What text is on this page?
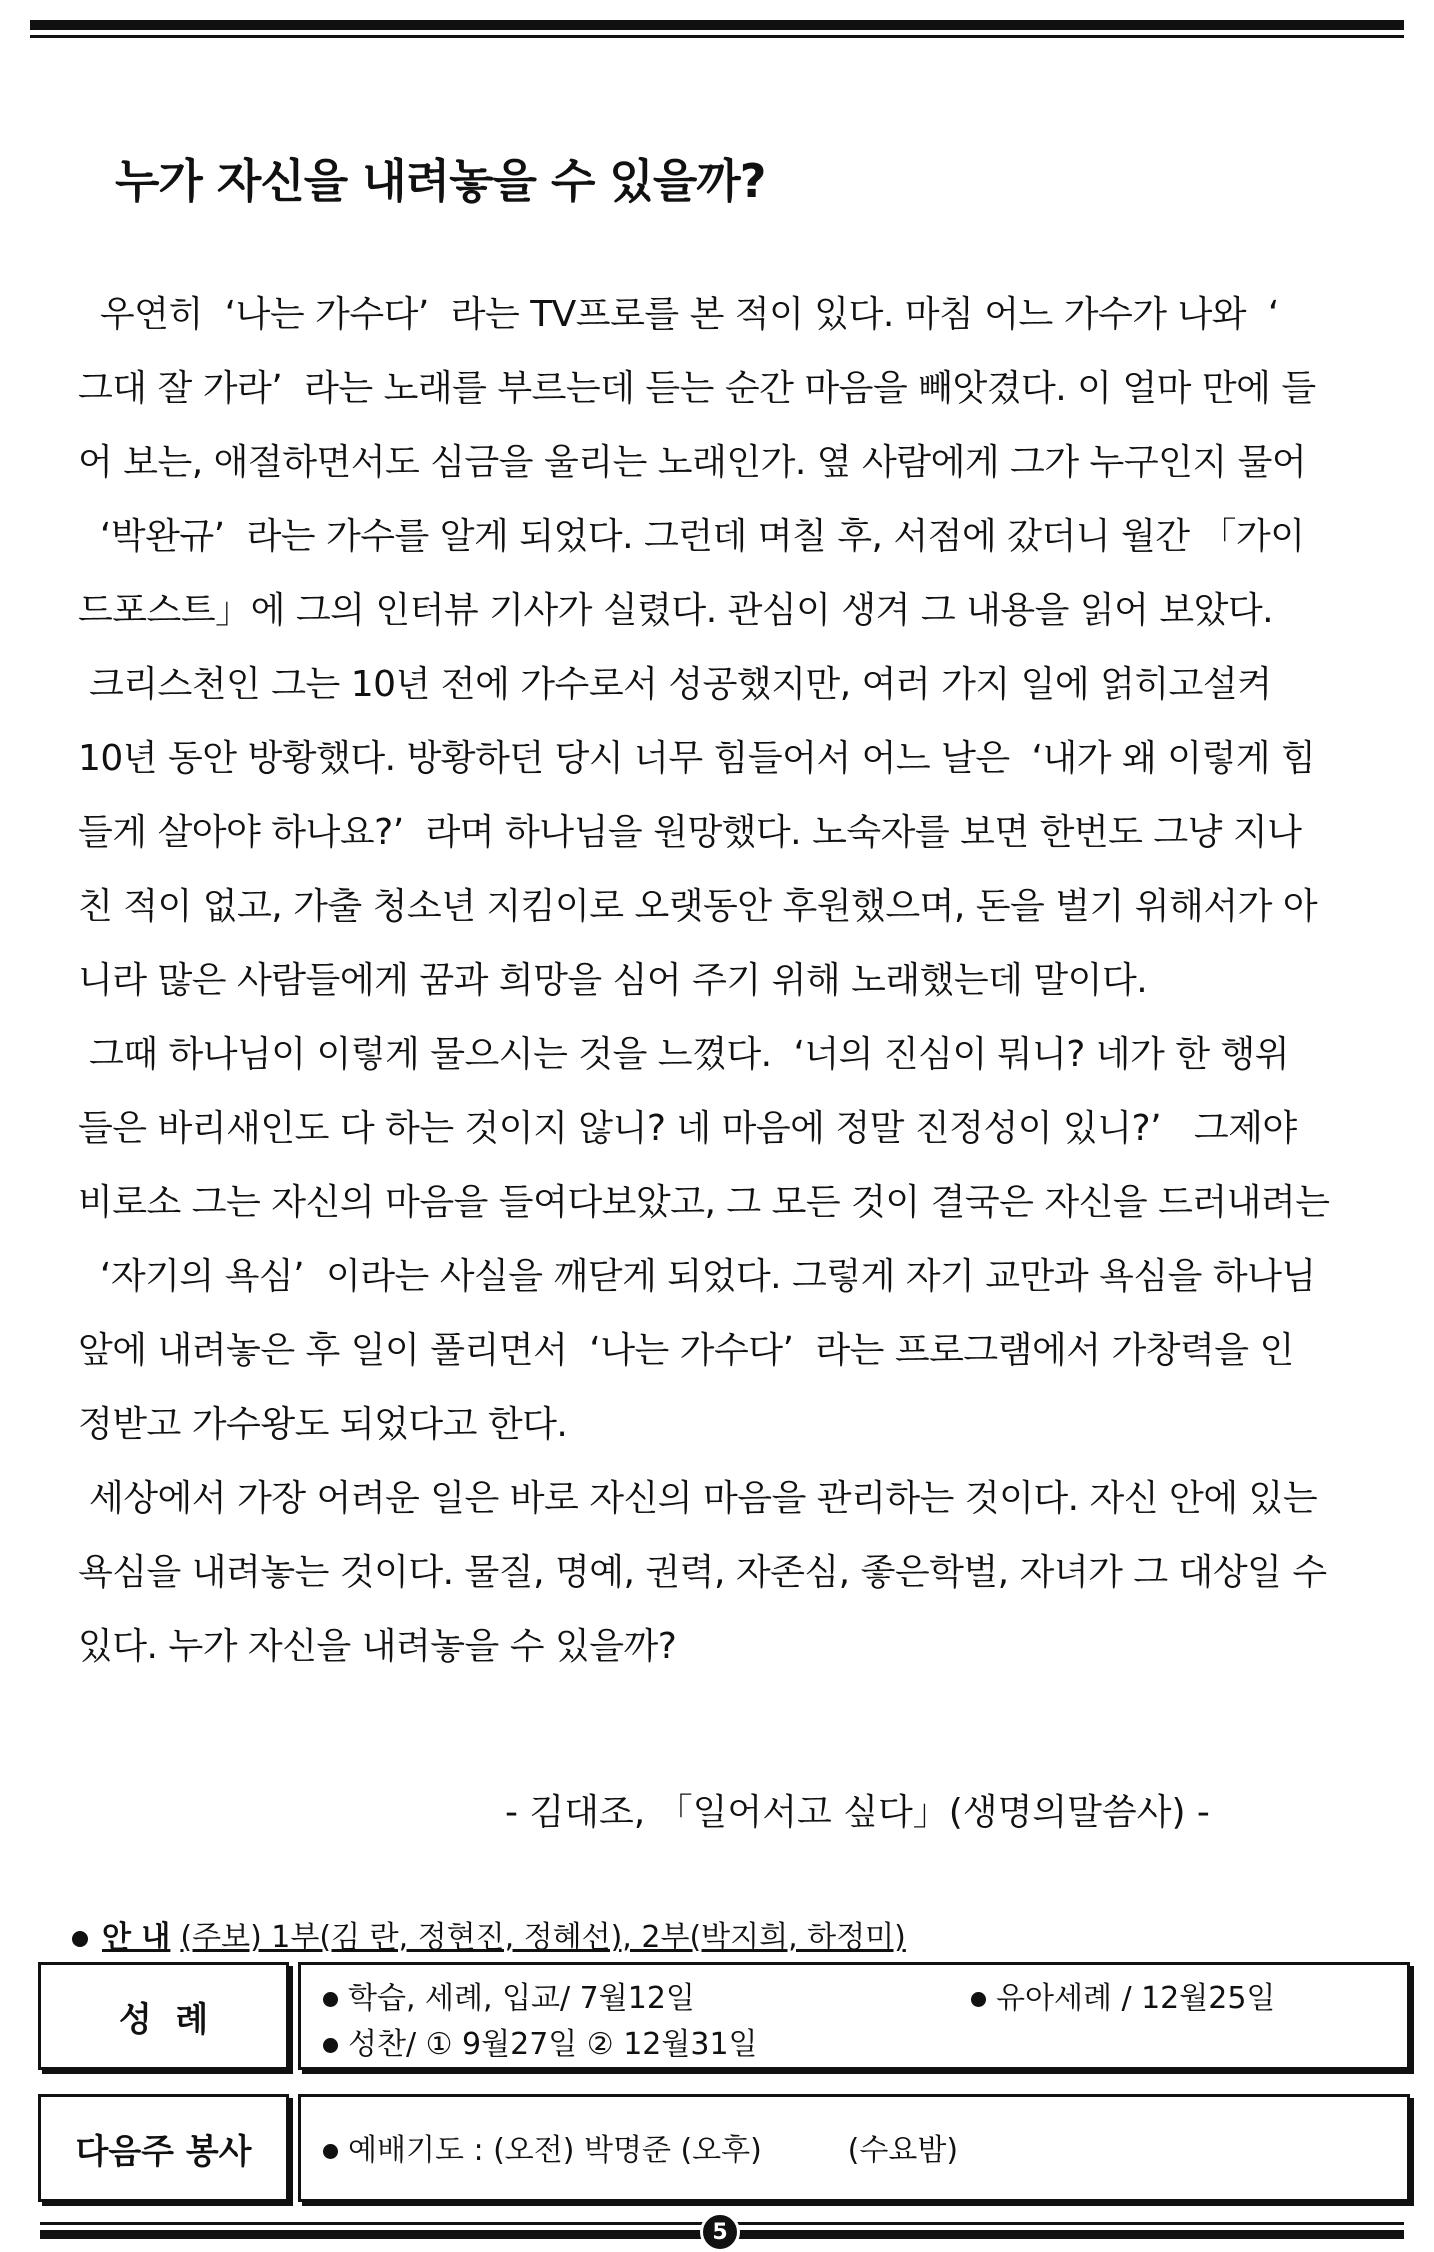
누가 자신을 내려놓을 수 있을까?
우연히  ‘나는 가수다’  라는 TV프로를 본 적이 있다. 마침 어느 가수가 나와  ‘
그대 잘 가라’  라는 노래를 부르는데 듣는 순간 마음을 빼앗겼다. 이 얼마 만에 들
어 보는, 애절하면서도 심금을 울리는 노래인가. 옆 사람에게 그가 누구인지 물어
‘박완규’  라는 가수를 알게 되었다. 그런데 며칠 후, 서점에 갔더니 월간 「가이
드포스트」에 그의 인터뷰 기사가 실렸다. 관심이 생겨 그 내용을 읽어 보았다.
크리스천인 그는 10년 전에 가수로서 성공했지만, 여러 가지 일에 얽히고설켜
10년 동안 방황했다. 방황하던 당시 너무 힘들어서 어느 날은  ‘내가 왜 이렇게 힘
들게 살아야 하나요?’  라며 하나님을 원망했다. 노숙자를 보면 한번도 그냥 지나
친 적이 없고, 가출 청소년 지킴이로 오랫동안 후원했으며, 돈을 벌기 위해서가 아
니라 많은 사람들에게 꿈과 희망을 심어 주기 위해 노래했는데 말이다.
그때 하나님이 이렇게 물으시는 것을 느꼈다.  ‘너의 진심이 뭐니? 네가 한 행위
들은 바리새인도 다 하는 것이지 않니? 네 마음에 정말 진정성이 있니?’   그제야
비로소 그는 자신의 마음을 들여다보았고, 그 모든 것이 결국은 자신을 드러내려는
‘자기의 욕심’  이라는 사실을 깨닫게 되었다. 그렇게 자기 교만과 욕심을 하나님
앞에 내려놓은 후 일이 풀리면서  ‘나는 가수다’  라는 프로그램에서 가창력을 인
정받고 가수왕도 되었다고 한다.
세상에서 가장 어려운 일은 바로 자신의 마음을 관리하는 것이다. 자신 안에 있는
욕심을 내려놓는 것이다. 물질, 명예, 권력, 자존심, 좋은학벌, 자녀가 그 대상일 수
있다. 누가 자신을 내려놓을 수 있을까?
- 김대조, 「일어서고 싶다」(생명의말씀사) -
안 내 (주보) 1부(김 란, 정현진, 정혜선), 2부(박지희, 하정미)
성  례
학습, 세례, 입교/ 7월12일	유아세례 / 12월25일
성찬/ ① 9월27일 ② 12월31일
다음주 봉사	예배기도 : (오전) 박명준 (오후)         (수요밤)
5
